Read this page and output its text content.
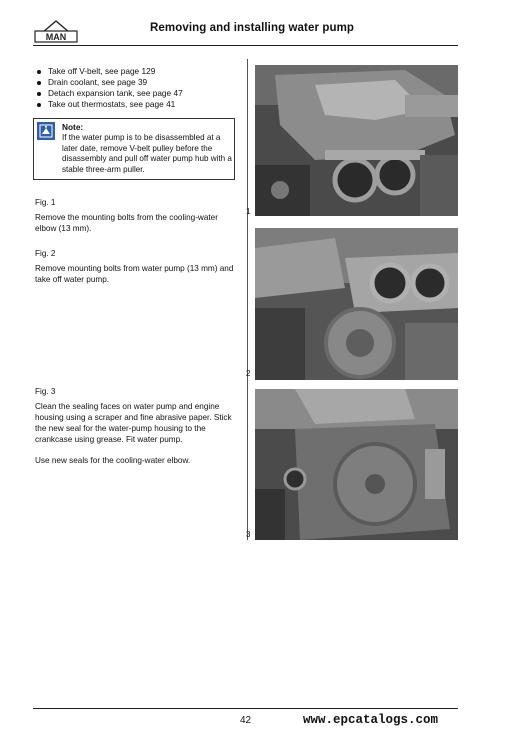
MAN
Removing and installing water pump
Take off V-belt, see page 129
Drain coolant, see page 39
Detach expansion tank, see page 47
Take out thermostats, see page 41
Note:
If the water pump is to be disassembled at a later date, remove V-belt pulley before the disassembly and pull off water pump hub with a stable three-arm puller.
Fig. 1
Remove the mounting bolts from the cooling-water elbow (13 mm).
Fig. 2
Remove mounting bolts from water pump (13 mm) and take off water pump.
Fig. 3
Clean the sealing faces on water pump and engine housing using a scraper and fine abrasive paper. Stick the new seal for the water-pump housing to the crankcase using grease. Fit water pump.
Use new seals for the cooling-water elbow.
1
2
3
42	www.epcatalogs.com
